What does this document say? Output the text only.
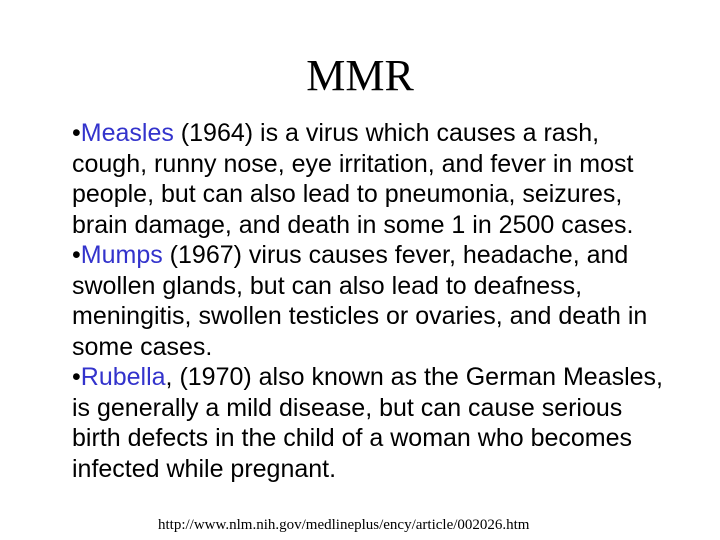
MMR

•Measles (1964) is a virus which causes a rash, cough, runny nose, eye irritation, and fever in most people, but can also lead to pneumonia, seizures, brain damage, and death in some 1 in 2500 cases.

•Mumps (1967) virus causes fever, headache, and swollen glands, but can also lead to deafness, meningitis, swollen testicles or ovaries, and death in some cases.

•Rubella, (1970) also known as the German Measles, is generally a mild disease, but can cause serious birth defects in the child of a woman who becomes infected while pregnant.

http://www.nlm.nih.gov/medlineplus/ency/article/002026.htm
